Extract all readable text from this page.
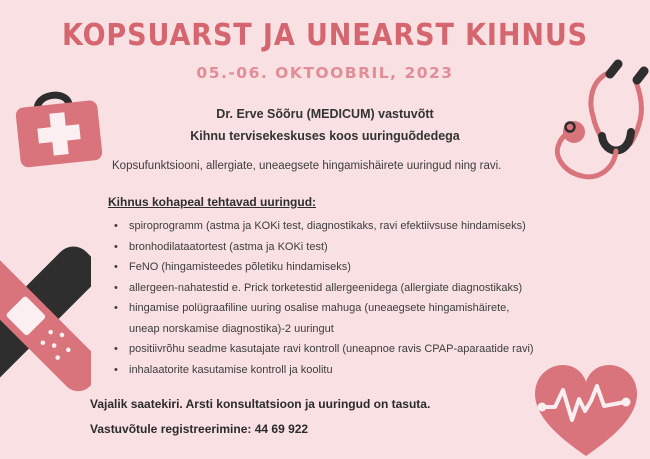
KOPSUARST JA UNEARST KIHNUS
05.-06. OKTOOBRIL, 2023
Dr. Erve Sõõru (MEDICUM) vastuvõtt
Kihnu tervisekeskuses koos uuringuõdedega
Kopsufunktsiooni, allergiate, uneaegsete hingamishäirete uuringud ning ravi.
Kihnus kohapeal tehtavad uuringud:
• spiroprogramm (astma ja KOKi test, diagnostikaks, ravi efektiivsuse hindamiseks)
• bronhodilataatortest (astma ja KOKi test)
• FeNO (hingamisteedes põletiku hindamiseks)
• allergeen-nahatestid e. Prick torketestid allergeenidega (allergiate diagnostikaks)
• hingamise polügraafiline uuring osalise mahuga (uneaegsete hingamishäirete, uneap norskamise diagnostika)-2 uuringut
• positiivrõhu seadme kasutajate ravi kontroll (uneapnoe ravis CPAP-aparaatide ravi)
• inhalaatorite kasutamise kontroll ja koolitu
Vajalik saatekiri. Arsti konsultatsioon ja uuringud on tasuta.
Vastuvõtule registreerimine: 44 69 922
